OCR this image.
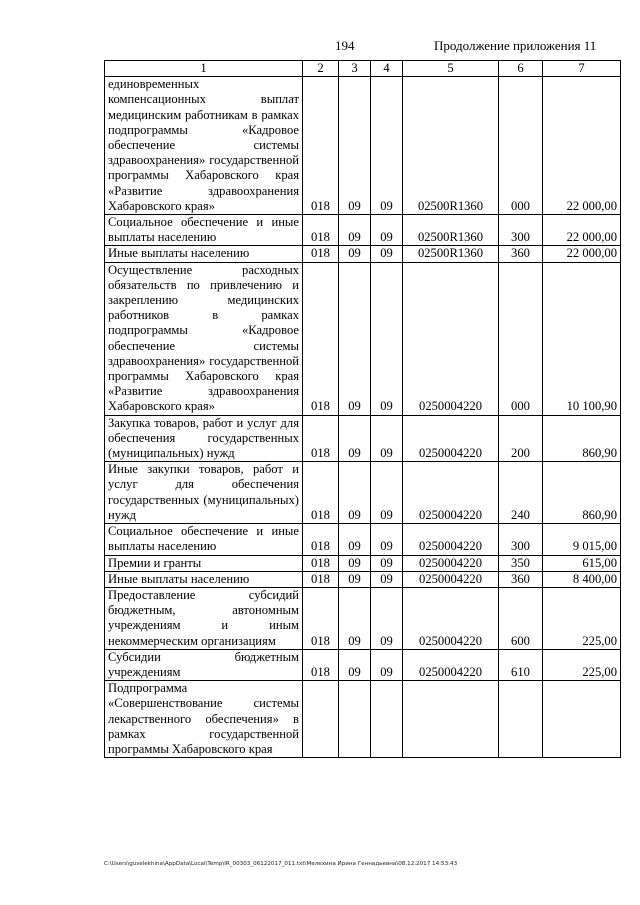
194	Продолжение приложения 11
1	2	3	4	5	6	7
единовременных компенсационных выплат медицинским работникам в рамках подпрограммы «Кадровое обеспечение системы здравоохранения» государственной программы Хабаровского края «Развитие здравоохранения Хабаровского края»	018	09	09	02500R1360	000	22 000,00
Социальное обеспечение и иные выплаты населению	018	09	09	02500R1360	300	22 000,00
Иные выплаты населению	018	09	09	02500R1360	360	22 000,00
Осуществление расходных обязательств по привлечению и закреплению медицинских работников в рамках подпрограммы «Кадровое обеспечение системы здравоохранения» государственной программы Хабаровского края «Развитие здравоохранения Хабаровского края»	018	09	09	0250004220	000	10 100,90
Закупка товаров, работ и услуг для обеспечения государственных (муниципальных) нужд	018	09	09	0250004220	200	860,90
Иные закупки товаров, работ и услуг для обеспечения государственных (муниципальных) нужд	018	09	09	0250004220	240	860,90
Социальное обеспечение и иные выплаты населению	018	09	09	0250004220	300	9 015,00
Премии и гранты	018	09	09	0250004220	350	615,00
Иные выплаты населению	018	09	09	0250004220	360	8 400,00
Предоставление субсидий бюджетным, автономным учреждениям и иным некоммерческим организациям	018	09	09	0250004220	600	225,00
Субсидии бюджетным учреждениям	018	09	09	0250004220	610	225,00
Подпрограмма «Совершенствование системы лекарственного обеспечения» в рамках государственной программы Хабаровского края						
C:\Users\guselekhina\AppData\Local\Temp\IR_00303_06122017_011.txt\Мелехина Ирина Геннадьевна\08.12.2017 14:53:43
